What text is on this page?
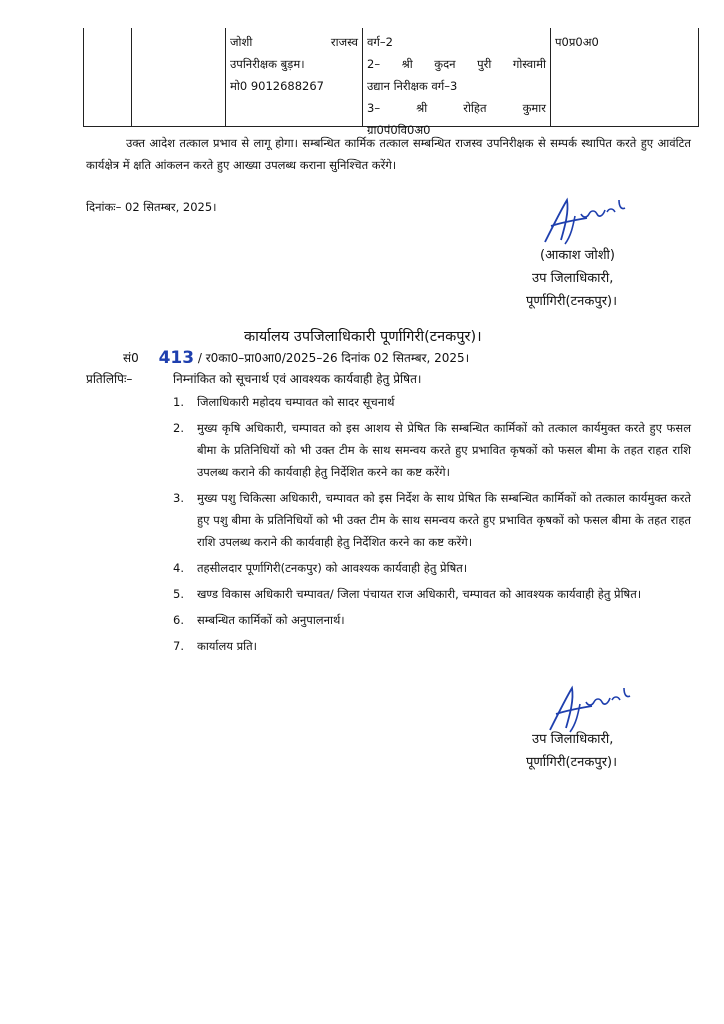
जोशी	राजस्व
उपनिरीक्षक बुड़म।
मो0 9012688267
वर्ग–2
2– श्री कुदन पुरी गोस्वामी
उद्यान निरीक्षक वर्ग–3
3– श्री रोहित कुमार
ग्रा0पं0वि0अ0
प0प्र0अ0
उक्त आदेश तत्काल प्रभाव से लागू होगा। सम्बन्धित कार्मिक तत्काल सम्बन्धित राजस्व उपनिरीक्षक से सम्पर्क स्थापित करते हुए आवंटित कार्यक्षेत्र में क्षति आंकलन करते हुए आख्या उपलब्ध कराना सुनिश्चित करेंगे।
दिनांकः– 02 सितम्बर, 2025।
(आकाश जोशी)
उप जिलाधिकारी,
पूर्णागिरी(टनकपुर)।
कार्यालय उपजिलाधिकारी पूर्णागिरी(टनकपुर)।
सं0 413 / र0का0–प्रा0आ0/2025–26 दिनांक 02 सितम्बर, 2025।
प्रतिलिपिः–	निम्नांकित को सूचनार्थ एवं आवश्यक कार्यवाही हेतु प्रेषित।
1. जिलाधिकारी महोदय चम्पावत को सादर सूचनार्थ
2. मुख्य कृषि अधिकारी, चम्पावत को इस आशय से प्रेषित कि सम्बन्धित कार्मिकों को तत्काल कार्यमुक्त करते हुए फसल बीमा के प्रतिनिधियों को भी उक्त टीम के साथ समन्वय करते हुए प्रभावित कृषकों को फसल बीमा के तहत राहत राशि उपलब्ध कराने की कार्यवाही हेतु निर्देशित करने का कष्ट करेंगे।
3. मुख्य पशु चिकित्सा अधिकारी, चम्पावत को इस निर्देश के साथ प्रेषित कि सम्बन्धित कार्मिकों को तत्काल कार्यमुक्त करते हुए पशु बीमा के प्रतिनिधियों को भी उक्त टीम के साथ समन्वय करते हुए प्रभावित कृषकों को फसल बीमा के तहत राहत राशि उपलब्ध कराने की कार्यवाही हेतु निर्देशित करने का कष्ट करेंगे।
4. तहसीलदार पूर्णागिरी(टनकपुर) को आवश्यक कार्यवाही हेतु प्रेषित।
5. खण्ड विकास अधिकारी चम्पावत/ जिला पंचायत राज अधिकारी, चम्पावत को आवश्यक कार्यवाही हेतु प्रेषित।
6. सम्बन्धित कार्मिकों को अनुपालनार्थ।
7. कार्यालय प्रति।
उप जिलाधिकारी,
पूर्णागिरी(टनकपुर)।
